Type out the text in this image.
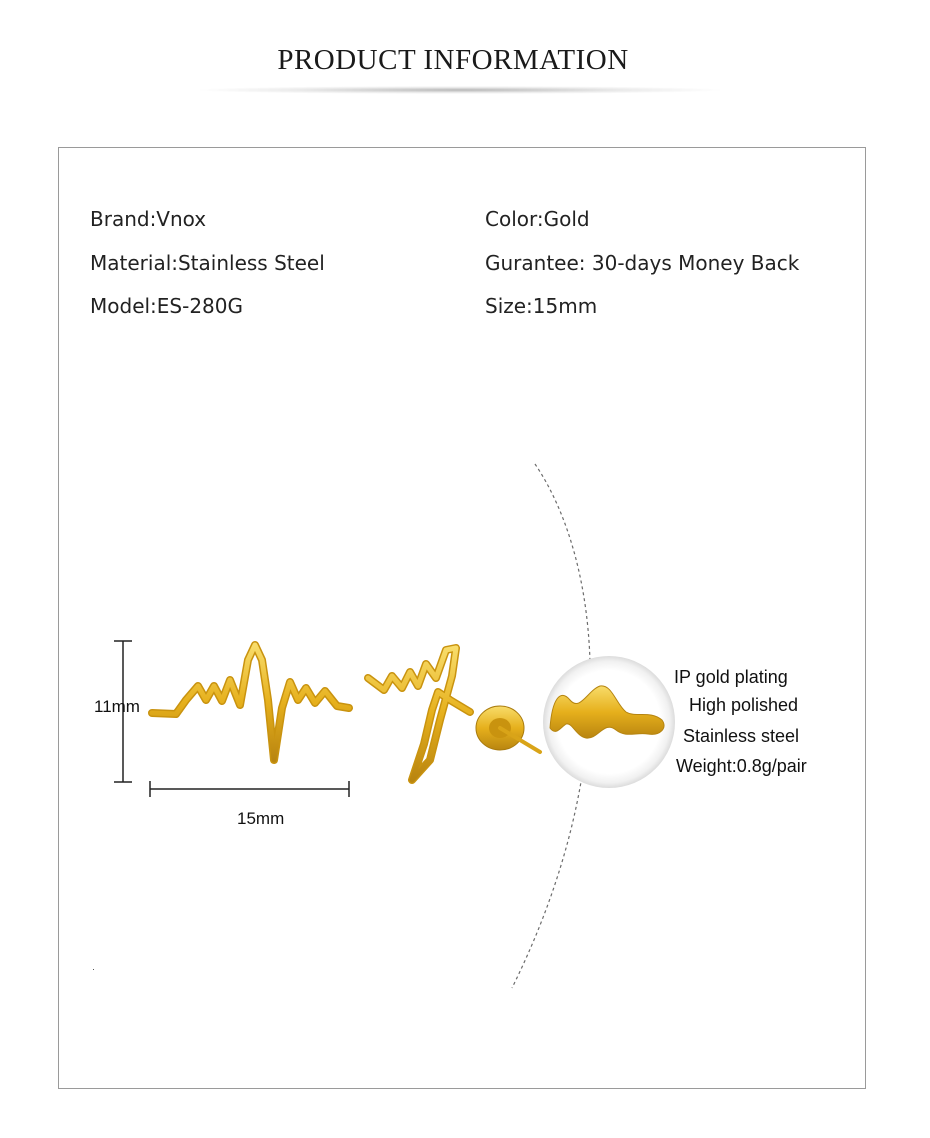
PRODUCT INFORMATION
Brand:Vnox
Material:Stainless Steel
Model:ES-280G
Color:Gold
Gurantee: 30-days Money Back
Size:15mm
11mm
15mm
IP gold plating
High polished
Stainless steel
Weight:0.8g/pair
